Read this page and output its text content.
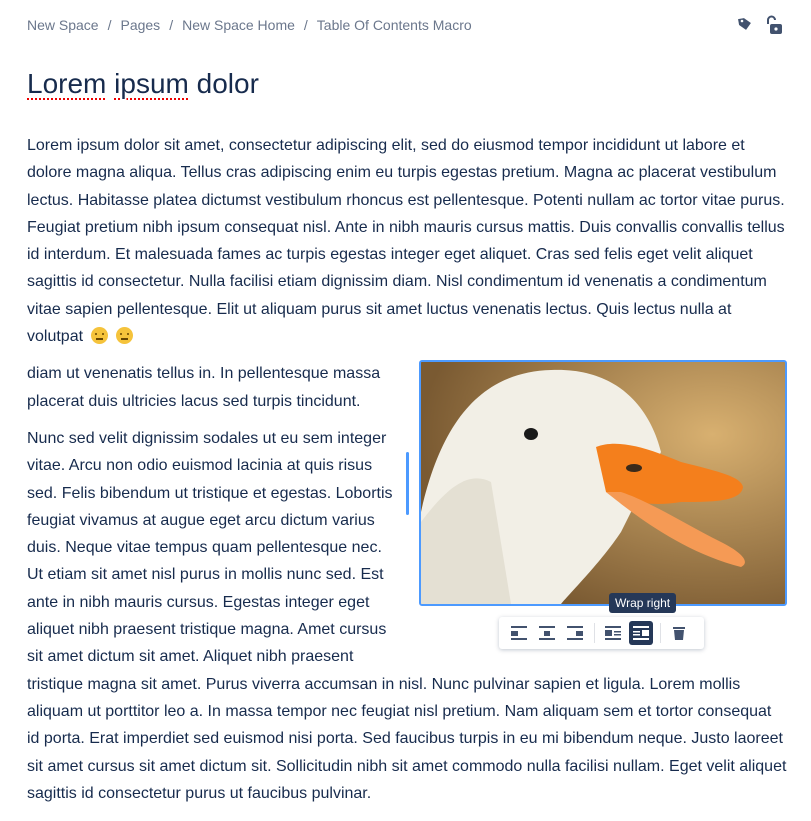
New Space / Pages / New Space Home / Table Of Contents Macro
Lorem ipsum dolor

Lorem ipsum dolor sit amet, consectetur adipiscing elit, sed do eiusmod tempor incididunt ut labore et dolore magna aliqua. Tellus cras adipiscing enim eu turpis egestas pretium. Magna ac placerat vestibulum lectus. Habitasse platea dictumst vestibulum rhoncus est pellentesque. Potenti nullam ac tortor vitae purus. Feugiat pretium nibh ipsum consequat nisl. Ante in nibh mauris cursus mattis. Duis convallis convallis tellus id interdum. Et malesuada fames ac turpis egestas integer eget aliquet. Cras sed felis eget velit aliquet sagittis id consectetur. Nulla facilisi etiam dignissim diam. Nisl condimentum id venenatis a condimentum vitae sapien pellentesque. Elit ut aliquam purus sit amet luctus venenatis lectus. Quis lectus nulla at volutpat

Wrap right

diam ut venenatis tellus in. In pellentesque massa placerat duis ultricies lacus sed turpis tincidunt.

Nunc sed velit dignissim sodales ut eu sem integer vitae. Arcu non odio euismod lacinia at quis risus sed. Felis bibendum ut tristique et egestas. Lobortis feugiat vivamus at augue eget arcu dictum varius duis. Neque vitae tempus quam pellentesque nec. Ut etiam sit amet nisl purus in mollis nunc sed. Est ante in nibh mauris cursus. Egestas integer eget aliquet nibh praesent tristique magna. Amet cursus sit amet dictum sit amet. Aliquet nibh praesent tristique magna sit amet. Purus viverra accumsan in nisl. Nunc pulvinar sapien et ligula. Lorem mollis aliquam ut porttitor leo a. In massa tempor nec feugiat nisl pretium. Nam aliquam sem et tortor consequat id porta. Erat imperdiet sed euismod nisi porta. Sed faucibus turpis in eu mi bibendum neque. Justo laoreet sit amet cursus sit amet dictum sit. Sollicitudin nibh sit amet commodo nulla facilisi nullam. Eget velit aliquet sagittis id consectetur purus ut faucibus pulvinar.
